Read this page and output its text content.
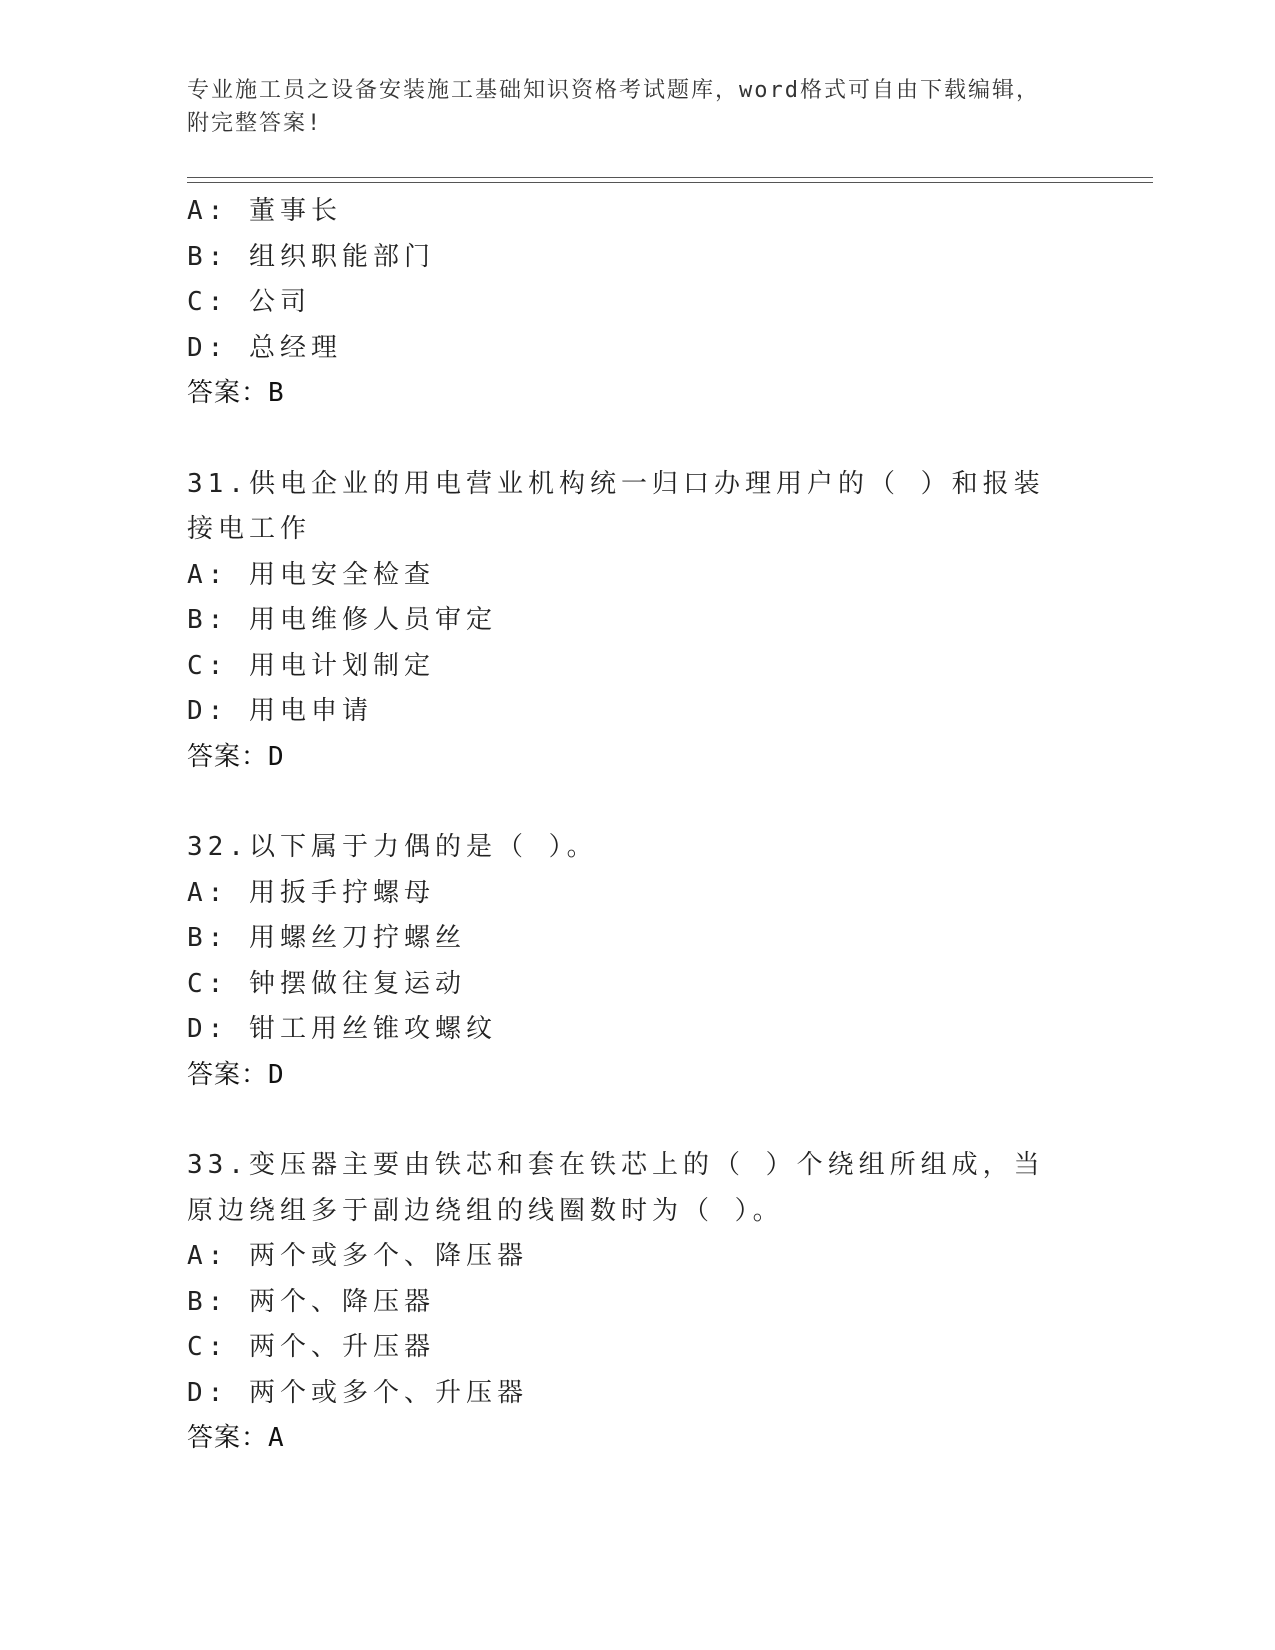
专业施工员之设备安装施工基础知识资格考试题库，word格式可自由下载编辑，
附完整答案!
A: 董事长
B: 组织职能部门
C: 公司
D: 总经理
答案：B
31.供电企业的用电营业机构统一归口办理用户的（ ）和报装接电工作
A: 用电安全检查
B: 用电维修人员审定
C: 用电计划制定
D: 用电申请
答案：D
32.以下属于力偶的是（ ）。
A: 用扳手拧螺母
B: 用螺丝刀拧螺丝
C: 钟摆做往复运动
D: 钳工用丝锥攻螺纹
答案：D
33.变压器主要由铁芯和套在铁芯上的（ ）个绕组所组成，当原边绕组多于副边绕组的线圈数时为（ ）。
A: 两个或多个、降压器
B: 两个、降压器
C: 两个、升压器
D: 两个或多个、升压器
答案：A
